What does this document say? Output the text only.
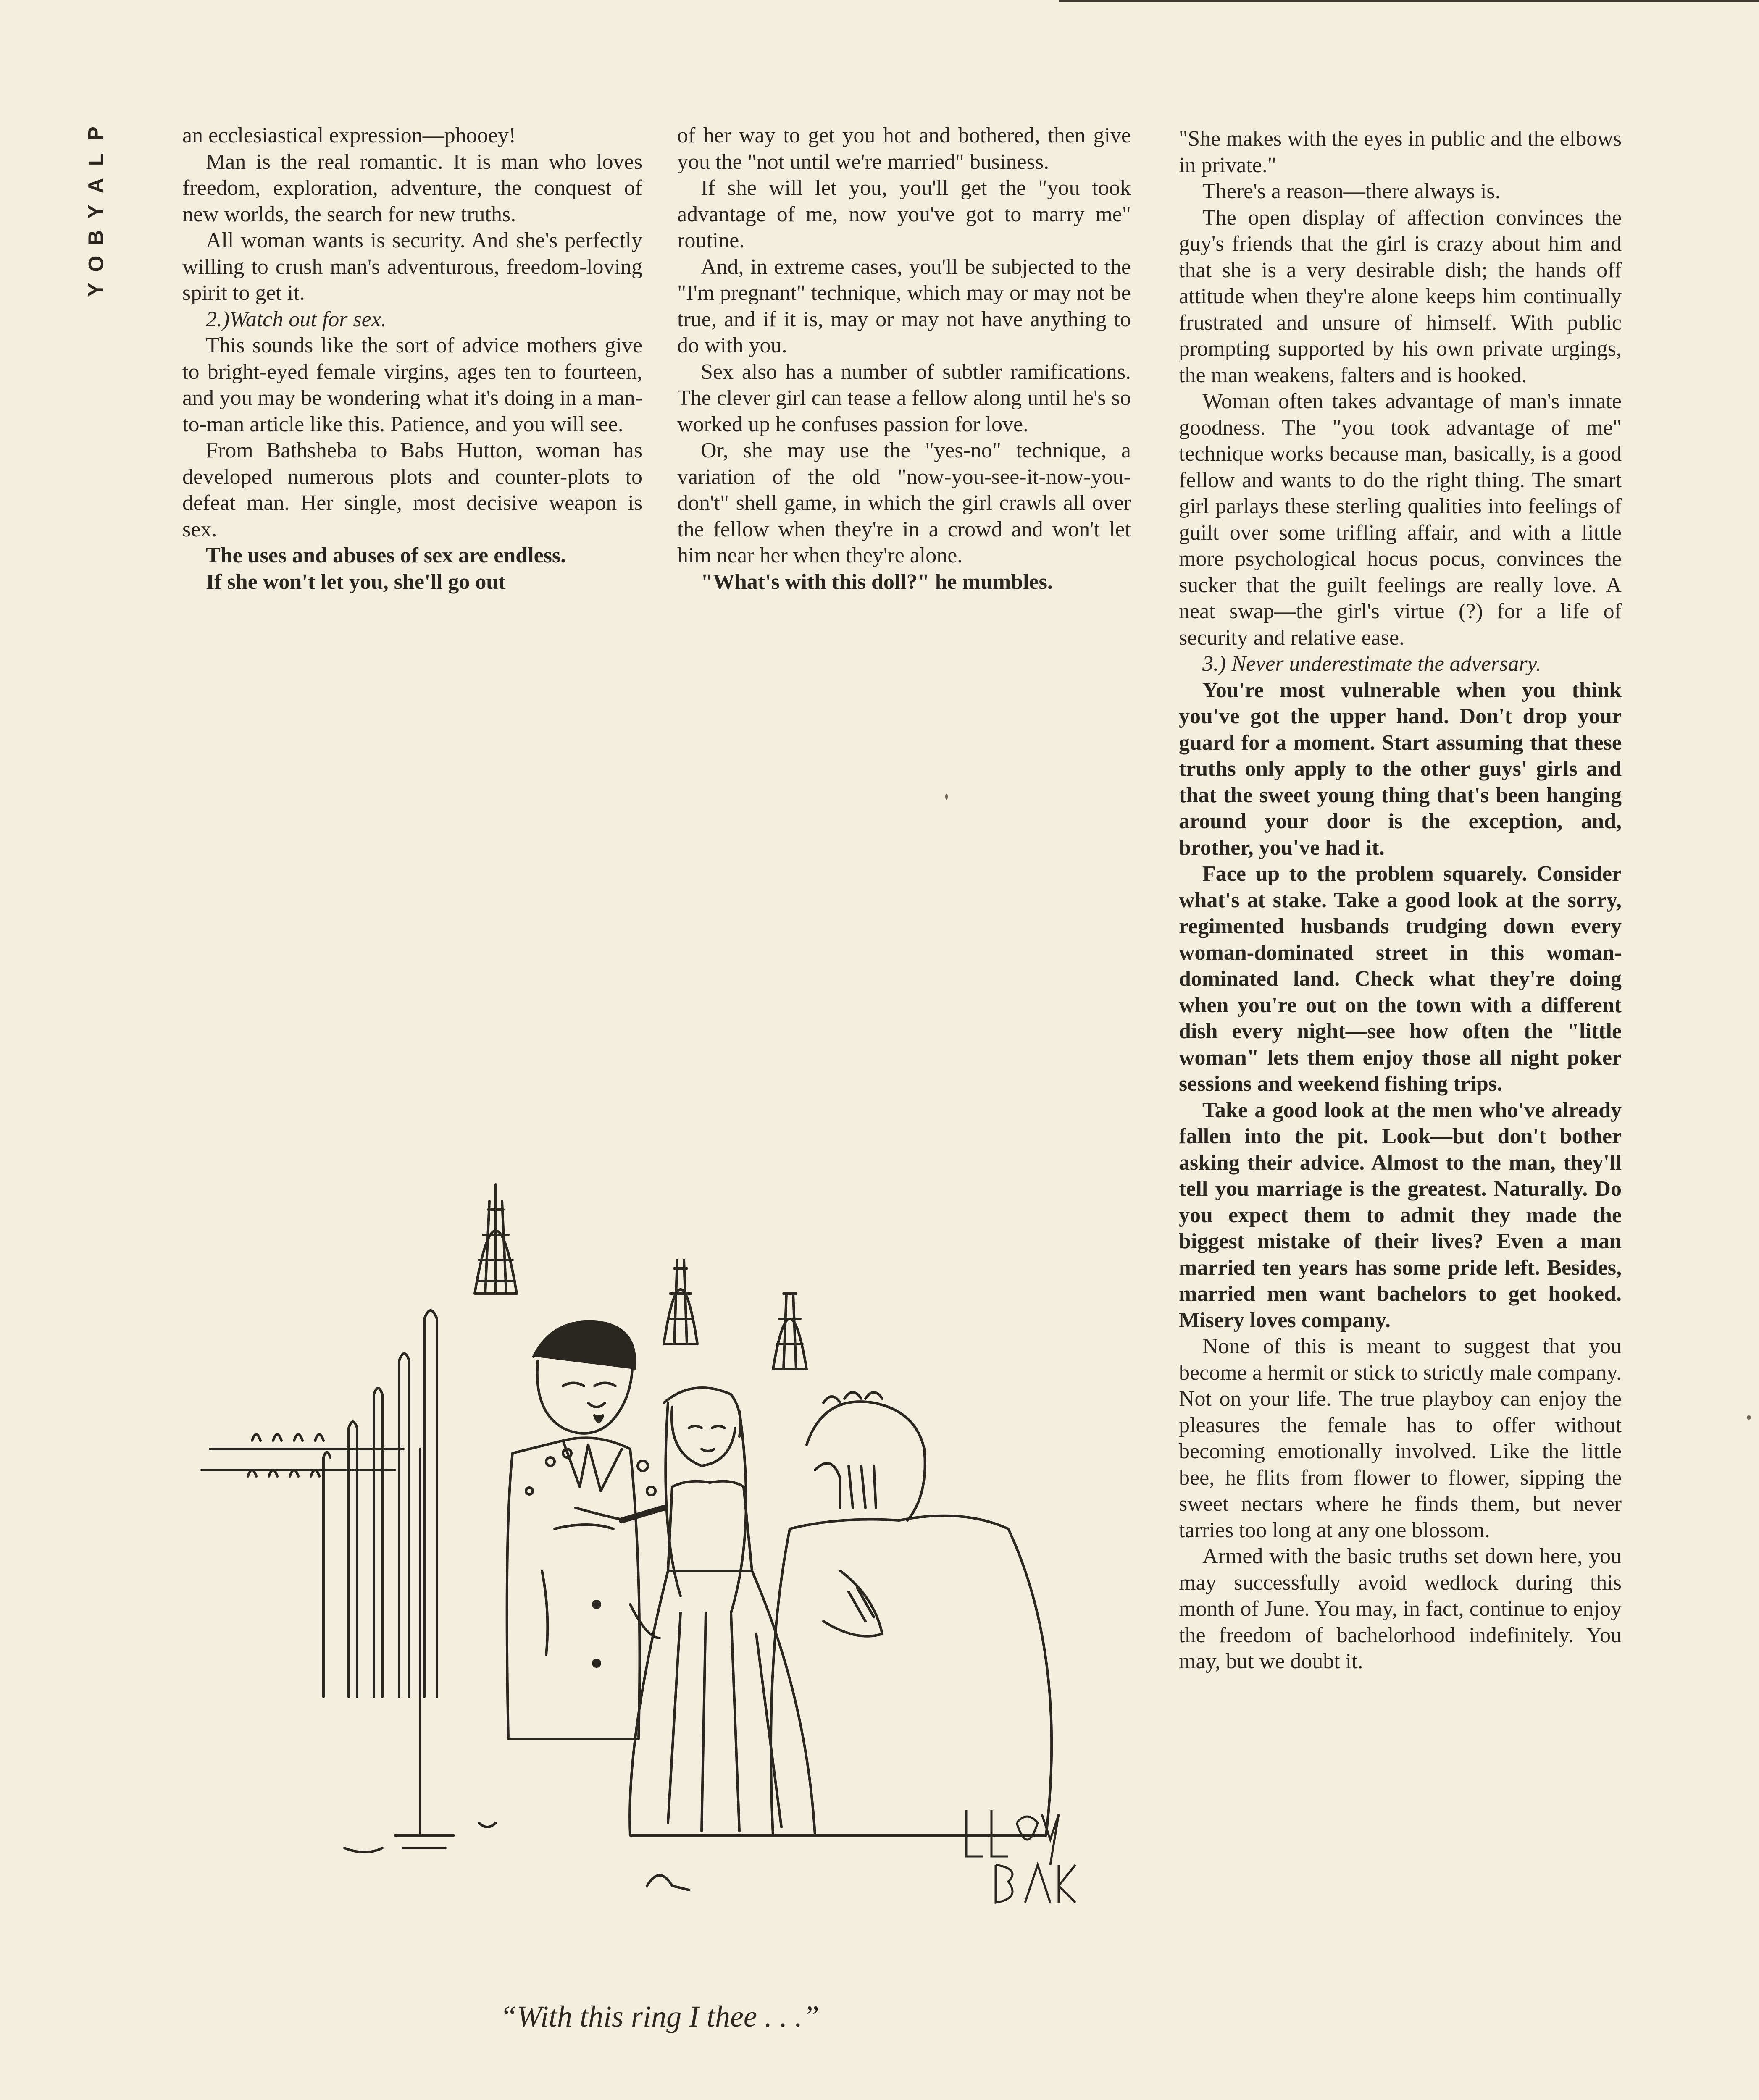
P
L
A
Y
B
O
Y

an ecclesiastical expression—phooey!

Man is the real romantic. It is man who loves freedom, exploration, adventure, the conquest of new worlds, the search for new truths.

All woman wants is security. And she's perfectly willing to crush man's adventurous, freedom-loving spirit to get it.

2.)Watch out for sex.

This sounds like the sort of advice mothers give to bright-eyed female virgins, ages ten to fourteen, and you may be wondering what it's doing in a man-to-man article like this. Patience, and you will see.

From Bathsheba to Babs Hutton, woman has developed numerous plots and counter-plots to defeat man. Her single, most decisive weapon is sex.

The uses and abuses of sex are endless.

If she won't let you, she'll go out

of her way to get you hot and bothered, then give you the "not until we're married" business.

If she will let you, you'll get the "you took advantage of me, now you've got to marry me" routine.

And, in extreme cases, you'll be subjected to the "I'm pregnant" technique, which may or may not be true, and if it is, may or may not have anything to do with you.

Sex also has a number of subtler ramifications. The clever girl can tease a fellow along until he's so worked up he confuses passion for love.

Or, she may use the "yes-no" technique, a variation of the old "now-you-see-it-now-you-don't" shell game, in which the girl crawls all over the fellow when they're in a crowd and won't let him near her when they're alone.

"What's with this doll?" he mumbles.

"She makes with the eyes in public and the elbows in private."

There's a reason—there always is.

The open display of affection convinces the guy's friends that the girl is crazy about him and that she is a very desirable dish; the hands off attitude when they're alone keeps him continually frustrated and unsure of himself. With public prompting supported by his own private urgings, the man weakens, falters and is hooked.

Woman often takes advantage of man's innate goodness. The "you took advantage of me" technique works because man, basically, is a good fellow and wants to do the right thing. The smart girl parlays these sterling qualities into feelings of guilt over some trifling affair, and with a little more psychological hocus pocus, convinces the sucker that the guilt feelings are really love. A neat swap—the girl's virtue (?) for a life of security and relative ease.

3.) Never underestimate the adversary.

You're most vulnerable when you think you've got the upper hand. Don't drop your guard for a moment. Start assuming that these truths only apply to the other guys' girls and that the sweet young thing that's been hanging around your door is the exception, and, brother, you've had it.

Face up to the problem squarely. Consider what's at stake. Take a good look at the sorry, regimented husbands trudging down every woman-dominated street in this woman-dominated land. Check what they're doing when you're out on the town with a different dish every night—see how often the "little woman" lets them enjoy those all night poker sessions and weekend fishing trips.

Take a good look at the men who've already fallen into the pit. Look—but don't bother asking their advice. Almost to the man, they'll tell you marriage is the greatest. Naturally. Do you expect them to admit they made the biggest mistake of their lives? Even a man married ten years has some pride left. Besides, married men want bachelors to get hooked. Misery loves company.

None of this is meant to suggest that you become a hermit or stick to strictly male company. Not on your life. The true playboy can enjoy the pleasures the female has to offer without becoming emotionally involved. Like the little bee, he flits from flower to flower, sipping the sweet nectars where he finds them, but never tarries too long at any one blossom.

Armed with the basic truths set down here, you may successfully avoid wedlock during this month of June. You may, in fact, continue to enjoy the freedom of bachelorhood indefinitely. You may, but we doubt it.

“With this ring I thee . . .”
